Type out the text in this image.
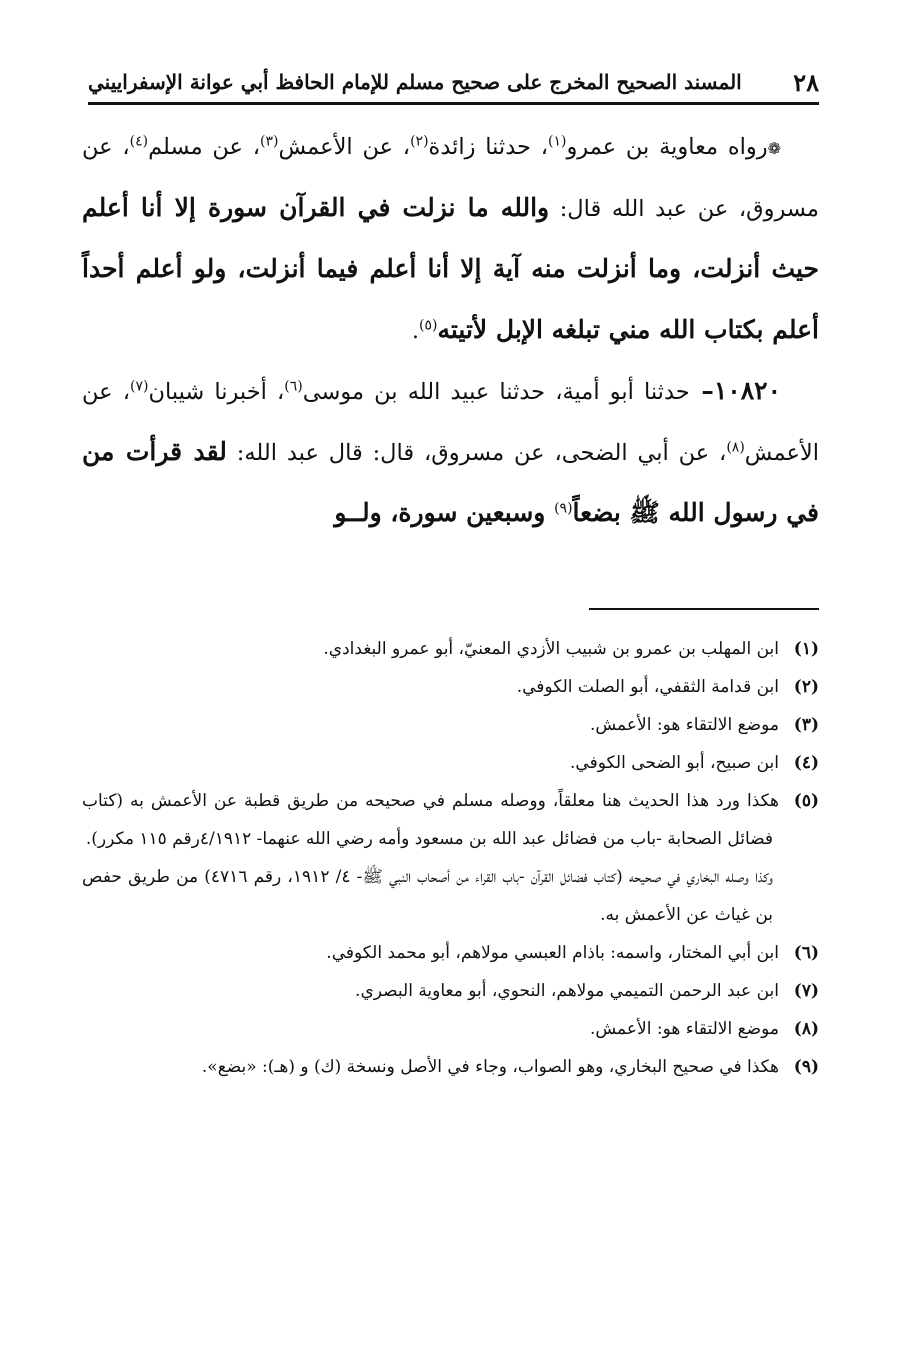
٢٨
المسند الصحيح المخرج على صحيح مسلم للإمام الحافظ أبي عوانة الإسفراييني

❁رواه معاوية بن عمرو$^{(١)}$، حدثنا زائدة$^{(٢)}$، عن الأعمش$^{(٣)}$، عن مسلم$^{(٤)}$، عن مسروق، عن عبد الله قال: والله ما نزلت في القرآن سورة إلا أنا أعلم حيث أنزلت، وما أنزلت منه آية إلا أنا أعلم فيما أنزلت، ولو أعلم أحداً أعلم بكتاب الله مني تبلغه الإبل لأتيته$^{(٥)}$.

١٠٨٢٠– حدثنا أبو أمية، حدثنا عبيد الله بن موسى$^{(٦)}$، أخبرنا شيبان$^{(٧)}$، عن الأعمش$^{(٨)}$، عن أبي الضحى، عن مسروق، قال: قال عبد الله: لقد قرأت من في رسول الله ﷺ بضعاً$^{(٩)}$ وسبعين سورة، ولــو

(١)ابن المهلب بن عمرو بن شبيب الأزدي المعنيّ، أبو عمرو البغدادي.

(٢)ابن قدامة الثقفي، أبو الصلت الكوفي.

(٣)موضع الالتقاء هو: الأعمش.

(٤)ابن صبيح، أبو الضحى الكوفي.

(٥)هكذا ورد هذا الحديث هنا معلقاً، ووصله مسلم في صحيحه من طريق قطبة عن الأعمش به (كتاب فضائل الصحابة -باب من فضائل عبد الله بن مسعود وأمه رضي الله عنهما- ٤/١٩١٢رقم ١١٥ مكرر).

وكذا وصله البخاري في صحيحه (كتاب فضائل القرآن -باب القراء من أصحاب النبي ﷺ- ٤/ ١٩١٢، رقم ٤٧١٦) من طريق حفص بن غياث عن الأعمش به.

(٦)ابن أبي المختار، واسمه: باذام العبسي مولاهم، أبو محمد الكوفي.

(٧)ابن عبد الرحمن التميمي مولاهم، النحوي، أبو معاوية البصري.

(٨)موضع الالتقاء هو: الأعمش.

(٩)هكذا في صحيح البخاري، وهو الصواب، وجاء في الأصل ونسخة (ك) و (هـ): «بضع».
